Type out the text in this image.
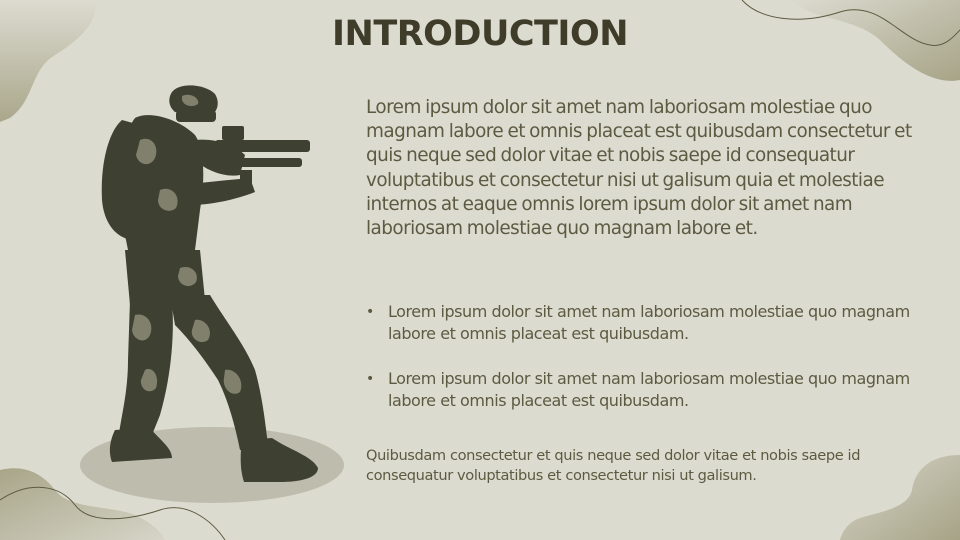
INTRODUCTION

Lorem ipsum dolor sit amet nam laboriosam molestiae quo magnam labore et omnis placeat est quibusdam consectetur et quis neque sed dolor vitae et nobis saepe id consequatur voluptatibus et consectetur nisi ut galisum quia et molestiae internos at eaque omnis lorem ipsum dolor sit amet nam laboriosam molestiae quo magnam labore et.

• Lorem ipsum dolor sit amet nam laboriosam molestiae quo magnam labore et omnis placeat est quibusdam.
• Lorem ipsum dolor sit amet nam laboriosam molestiae quo magnam labore et omnis placeat est quibusdam.

Quibusdam consectetur et quis neque sed dolor vitae et nobis saepe id consequatur voluptatibus et consectetur nisi ut galisum.
